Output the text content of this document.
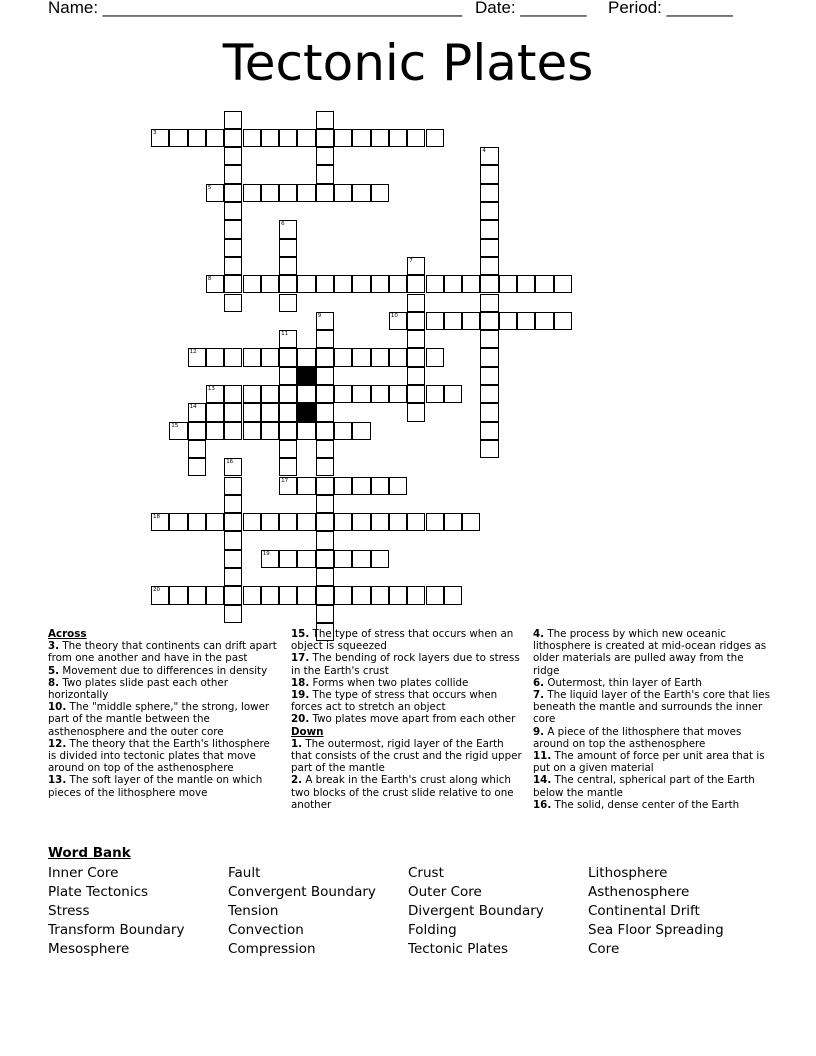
Name: ______________________________________ Date: _______ Period: _______
Tectonic Plates
3
4
5
6
8
7
10
9
11
12
13
14
15
16
17
18
19
20
Across
3. The theory that continents can drift apart from one another and have in the past
5. Movement due to differences in density
8. Two plates slide past each other horizontally
10. The "middle sphere," the strong, lower part of the mantle between the asthenosphere and the outer core
12. The theory that the Earth's lithosphere is divided into tectonic plates that move around on top of the asthenosphere
13. The soft layer of the mantle on which pieces of the lithosphere move
15. The type of stress that occurs when an object is squeezed
17. The bending of rock layers due to stress in the Earth's crust
18. Forms when two plates collide
19. The type of stress that occurs when forces act to stretch an object
20. Two plates move apart from each other
Down
1. The outermost, rigid layer of the Earth that consists of the crust and the rigid upper part of the mantle
2. A break in the Earth's crust along which two blocks of the crust slide relative to one another
4. The process by which new oceanic lithosphere is created at mid-ocean ridges as older materials are pulled away from the ridge
6. Outermost, thin layer of Earth
7. The liquid layer of the Earth's core that lies beneath the mantle and surrounds the inner core
9. A piece of the lithosphere that moves around on top the asthenosphere
11. The amount of force per unit area that is put on a given material
14. The central, spherical part of the Earth below the mantle
16. The solid, dense center of the Earth
Word Bank
Inner Core
Plate Tectonics
Stress
Transform Boundary
Mesosphere
Fault
Convergent Boundary
Tension
Convection
Compression
Crust
Outer Core
Divergent Boundary
Folding
Tectonic Plates
Lithosphere
Asthenosphere
Continental Drift
Sea Floor Spreading
Core
